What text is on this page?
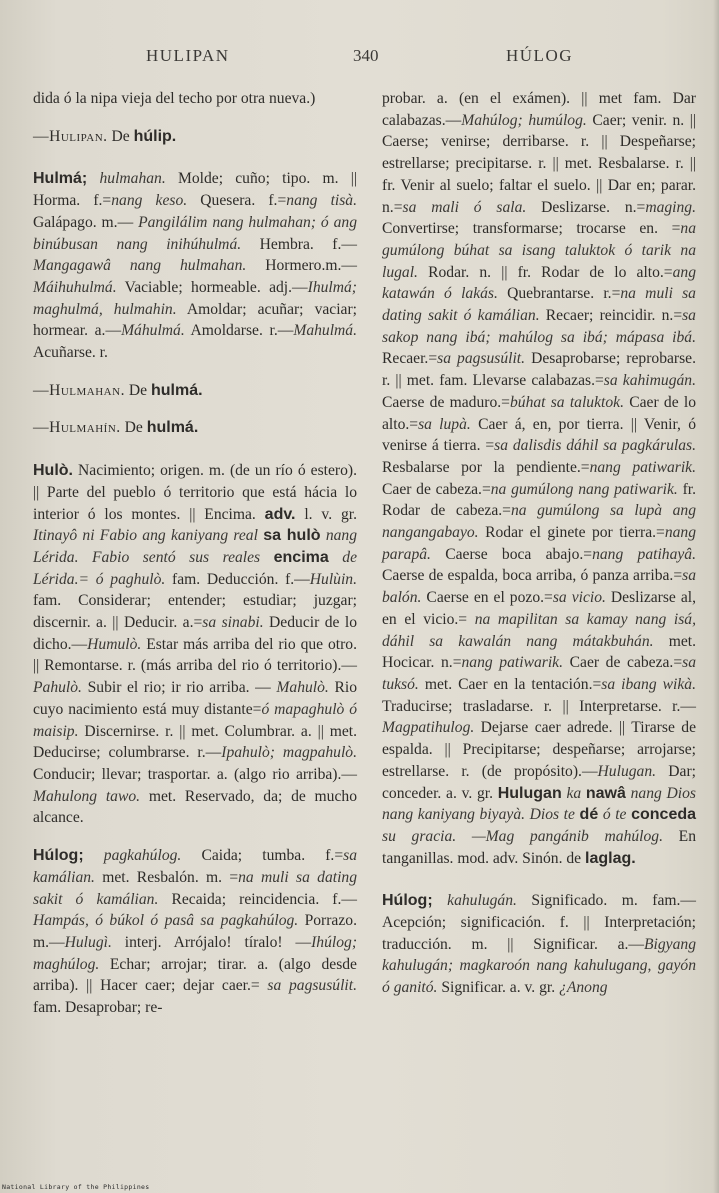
HULIPAN	340	HÚLOG

dida ó la nipa vieja del techo por otra nueva.)

—Hulipan. De húlip.

Hulmá; hulmahan. Molde; cuño; tipo. m. || Horma. f.=nang keso. Quesera. f.=nang tisà. Galápago. m.— Pangilálim nang hulmahan; ó ang binúbusan nang inihúhulmá. Hembra. f.—Mangagawâ nang hulmahan. Hormero.m.—Máihuhulmá. Vaciable; hormeable. adj.—Ihulmá; maghulmá, hulmahin. Amoldar; acuñar; vaciar; hormear. a.—Máhulmá. Amoldarse. r.—Mahulmá. Acuñarse. r.

—Hulmahan. De hulmá.

—Hulmahín. De hulmá.

Hulò. Nacimiento; origen. m. (de un río ó estero). || Parte del pueblo ó territorio que está hácia lo interior ó los montes. || Encima. adv. l. v. gr. Itinayô ni Fabio ang kaniyang real sa hulò nang Lérida. Fabio sentó sus reales encima de Lérida.= ó paghulò. fam. Deducción. f.—Hulùin. fam. Considerar; entender; estudiar; juzgar; discernir. a. || Deducir. a.=sa sinabi. Deducir de lo dicho.—Humulò. Estar más arriba del rio que otro. || Remontarse. r. (más arriba del rio ó territorio).— Pahulò. Subir el rio; ir rio arriba. — Mahulò. Rio cuyo nacimiento está muy distante=ó mapaghulò ó maisip. Discernirse. r. || met. Columbrar. a. || met. Deducirse; columbrarse. r.—Ipahulò; magpahulò. Conducir; llevar; trasportar. a. (algo rio arriba).—Mahulong tawo. met. Reservado, da; de mucho alcance.

Húlog; pagkahúlog. Caida; tumba. f.=sa kamálian. met. Resbalón. m. =na muli sa dating sakit ó kamálian. Recaida; reincidencia. f.—Hampás, ó búkol ó pasâ sa pagkahúlog. Porrazo. m.—Hulugì. interj. Arrójalo! tíralo! —Ihúlog; maghúlog. Echar; arrojar; tirar. a. (algo desde arriba). || Hacer caer; dejar caer.= sa pagsusúlit. fam. Desaprobar; re-

probar. a. (en el exámen). || met fam. Dar calabazas.—Mahúlog; humúlog. Caer; venir. n. || Caerse; venirse; derribarse. r. || Despeñarse; estrellarse; precipitarse. r. || met. Resbalarse. r. || fr. Venir al suelo; faltar el suelo. || Dar en; parar. n.=sa mali ó sala. Deslizarse. n.=maging. Convertirse; transformarse; trocarse en. =na gumúlong búhat sa isang taluktok ó tarik na lugal. Rodar. n. || fr. Rodar de lo alto.=ang katawán ó lakás. Quebrantarse. r.=na muli sa dating sakit ó kamálian. Recaer; reincidir. n.=sa sakop nang ibá; mahúlog sa ibá; mápasa ibá. Recaer.=sa pagsusúlit. Desaprobarse; reprobarse. r. || met. fam. Llevarse calabazas.=sa kahimugán. Caerse de maduro.=búhat sa taluktok. Caer de lo alto.=sa lupà. Caer á, en, por tierra. || Venir, ó venirse á tierra. =sa dalisdis dáhil sa pagkárulas. Resbalarse por la pendiente.=nang patiwarik. Caer de cabeza.=na gumúlong nang patiwarik. fr. Rodar de cabeza.=na gumúlong sa lupà ang nangangabayo. Rodar el ginete por tierra.=nang parapâ. Caerse boca abajo.=nang patihayâ. Caerse de espalda, boca arriba, ó panza arriba.=sa balón. Caerse en el pozo.=sa vicio. Deslizarse al, en el vicio.= na mapilitan sa kamay nang isá, dáhil sa kawalán nang mátakbuhán. met. Hocicar. n.=nang patiwarik. Caer de cabeza.=sa tuksó. met. Caer en la tentación.=sa ibang wikà. Traducirse; trasladarse. r. || Interpretarse. r.—Magpatihulog. Dejarse caer adrede. || Tirarse de espalda. || Precipitarse; despeñarse; arrojarse; estrellarse. r. (de propósito).—Hulugan. Dar; conceder. a. v. gr. Hulugan ka nawâ nang Dios nang kaniyang biyayà. Dios te dé ó te conceda su gracia. —Mag pangánib mahúlog. En tanganillas. mod. adv. Sinón. de laglag.

Húlog; kahulugán. Significado. m. fam.—Acepción; significación. f. || Interpretación; traducción. m. || Significar. a.—Bigyang kahulugán; magkaroón nang kahulugang, gayón ó ganitó. Significar. a. v. gr. ¿Anong

National Library of the Philippines
